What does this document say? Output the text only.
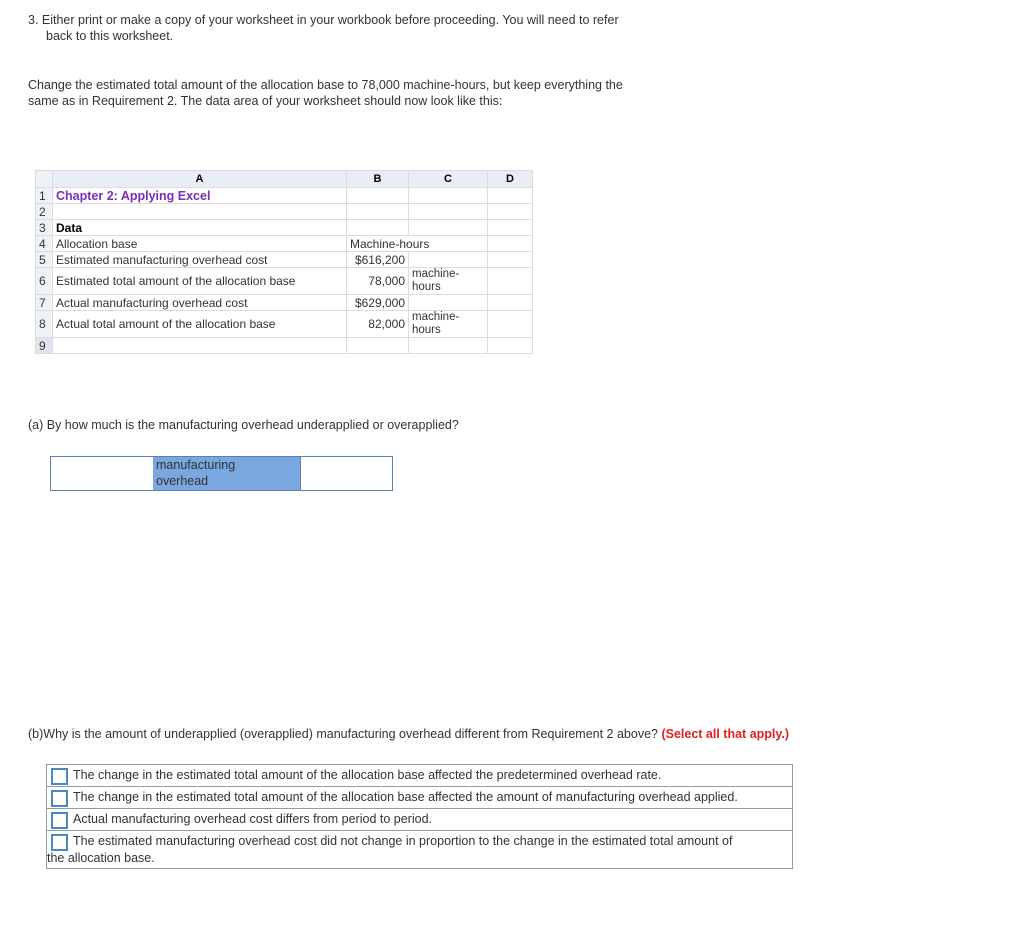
3. Either print or make a copy of your worksheet in your workbook before proceeding. You will need to refer
back to this worksheet.
Change the estimated total amount of the allocation base to 78,000 machine-hours, but keep everything the
same as in Requirement 2. The data area of your worksheet should now look like this:
	A	B	C	D
1	Chapter 2: Applying Excel			
2				
3	Data			
4	Allocation base	Machine-hours		
5	Estimated manufacturing overhead cost	$616,200		
6	Estimated total amount of the allocation base	78,000	machine-
hours	

7	Actual manufacturing overhead cost	$629,000		
8	Actual total amount of the allocation base	82,000	machine-
hours	

9				
(a) By how much is the manufacturing overhead underapplied or overapplied?
manufacturing
overhead
(b)Why is the amount of underapplied (overapplied) manufacturing overhead different from Requirement 2 above? (Select all that apply.)
The change in the estimated total amount of the allocation base affected the predetermined overhead rate.
The change in the estimated total amount of the allocation base affected the amount of manufacturing overhead applied.
Actual manufacturing overhead cost differs from period to period.
The estimated manufacturing overhead cost did not change in proportion to the change in the estimated total amount of
the allocation base.
